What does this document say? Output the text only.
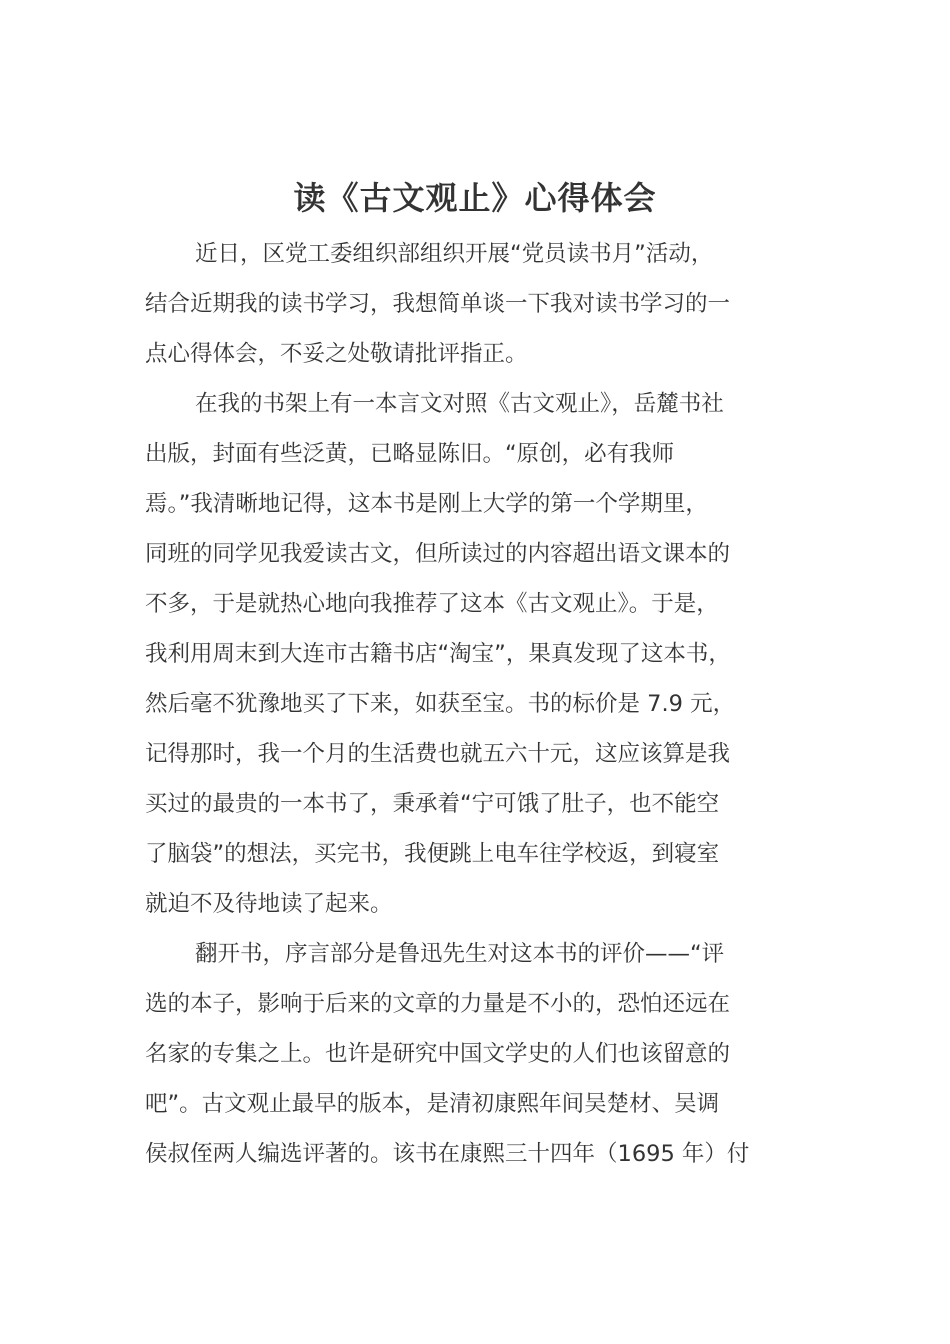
读《古文观止》心得体会
近日，区党工委组织部组织开展“党员读书月”活动，
结合近期我的读书学习，我想简单谈一下我对读书学习的一
点心得体会，不妥之处敬请批评指正。
在我的书架上有一本言文对照《古文观止》，岳麓书社
出版，封面有些泛黄，已略显陈旧。“原创，必有我师
焉。”我清晰地记得，这本书是刚上大学的第一个学期里，
同班的同学见我爱读古文，但所读过的内容超出语文课本的
不多，于是就热心地向我推荐了这本《古文观止》。于是，
我利用周末到大连市古籍书店“淘宝”，果真发现了这本书，
然后毫不犹豫地买了下来，如获至宝。书的标价是 7.9 元，
记得那时，我一个月的生活费也就五六十元，这应该算是我
买过的最贵的一本书了，秉承着“宁可饿了肚子，也不能空
了脑袋”的想法，买完书，我便跳上电车往学校返，到寝室
就迫不及待地读了起来。
翻开书，序言部分是鲁迅先生对这本书的评价——“评
选的本子，影响于后来的文章的力量是不小的，恐怕还远在
名家的专集之上。也许是研究中国文学史的人们也该留意的
吧”。古文观止最早的版本，是清初康熙年间吴楚材、吴调
侯叔侄两人编选评著的。该书在康熙三十四年（1695 年）付
